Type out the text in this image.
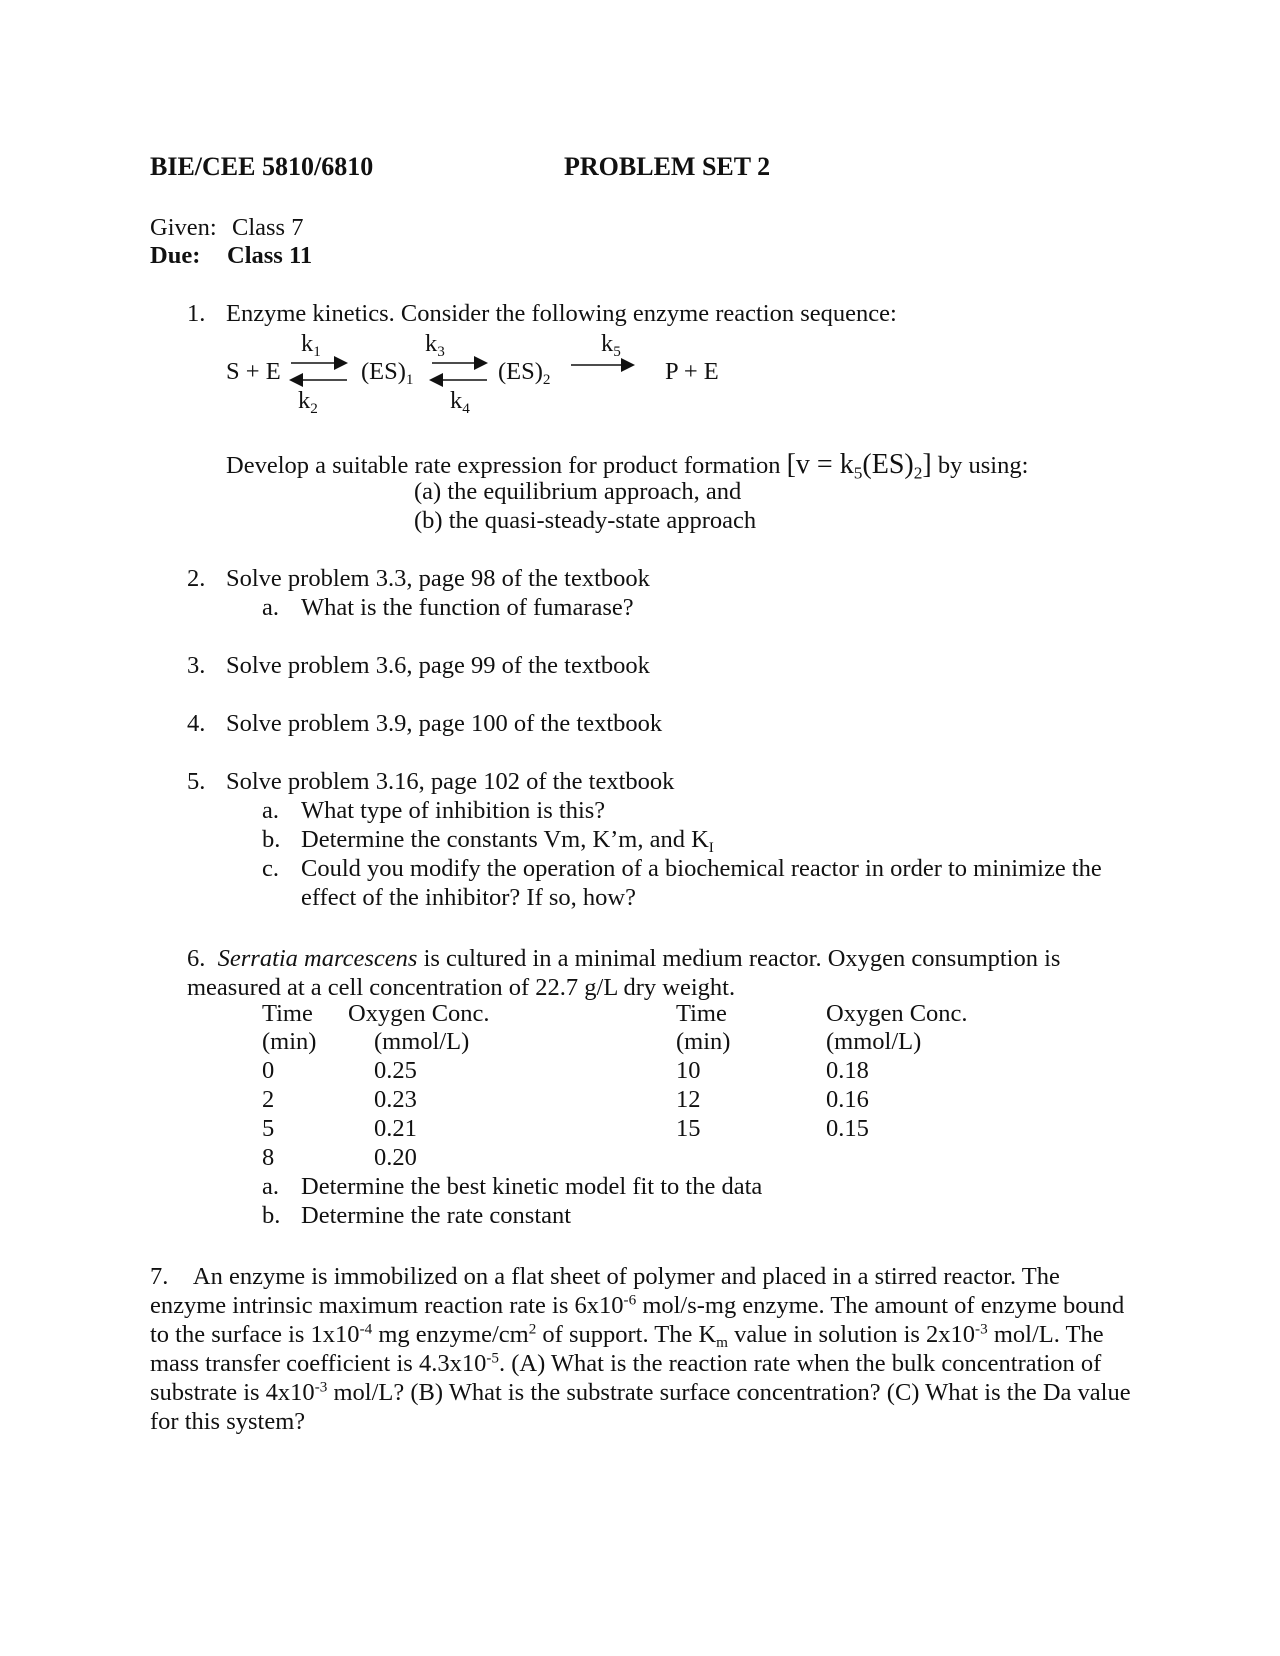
BIE/CEE 5810/6810	PROBLEM SET 2
Given: Class 7
Due: Class 11
1. Enzyme kinetics. Consider the following enzyme reaction sequence:
$k_1$	$k_3$	$k_5$
S + E	$(ES)_1$	$(ES)_2$	P + E
$k_2$	$k_4$
Develop a suitable rate expression for product formation $[v = k_5(ES)_2]$ by using:
(a) the equilibrium approach, and
(b) the quasi-steady-state approach
2. Solve problem 3.3, page 98 of the textbook
a. What is the function of fumarase?
3. Solve problem 3.6, page 99 of the textbook
4. Solve problem 3.9, page 100 of the textbook
5. Solve problem 3.16, page 102 of the textbook
a. What type of inhibition is this?
b. Determine the constants Vm, K’m, and $K_I$
c. Could you modify the operation of a biochemical reactor in order to minimize the
effect of the inhibitor? If so, how?
6. Serratia marcescens is cultured in a minimal medium reactor. Oxygen consumption is measured at a cell concentration of 22.7 g/L dry weight.
Time Oxygen Conc.	Time	Oxygen Conc.
(min) (mmol/L)	(min)	(mmol/L)
0	0.25	10	0.18
2	0.23	12	0.16
5	0.21	15	0.15
8	0.20
a. Determine the best kinetic model fit to the data
b. Determine the rate constant
7. An enzyme is immobilized on a flat sheet of polymer and placed in a stirred reactor. The enzyme intrinsic maximum reaction rate is $6x10^{-6}$ mol/s-mg enzyme. The amount of enzyme bound to the surface is $1x10^{-4}$ mg enzyme/$cm^2$ of support. The $K_m$ value in solution is $2x10^{-3}$ mol/L. The mass transfer coefficient is $4.3x10^{-5}$. (A) What is the reaction rate when the bulk concentration of substrate is $4x10^{-3}$ mol/L? (B) What is the substrate surface concentration? (C) What is the Da value for this system?
